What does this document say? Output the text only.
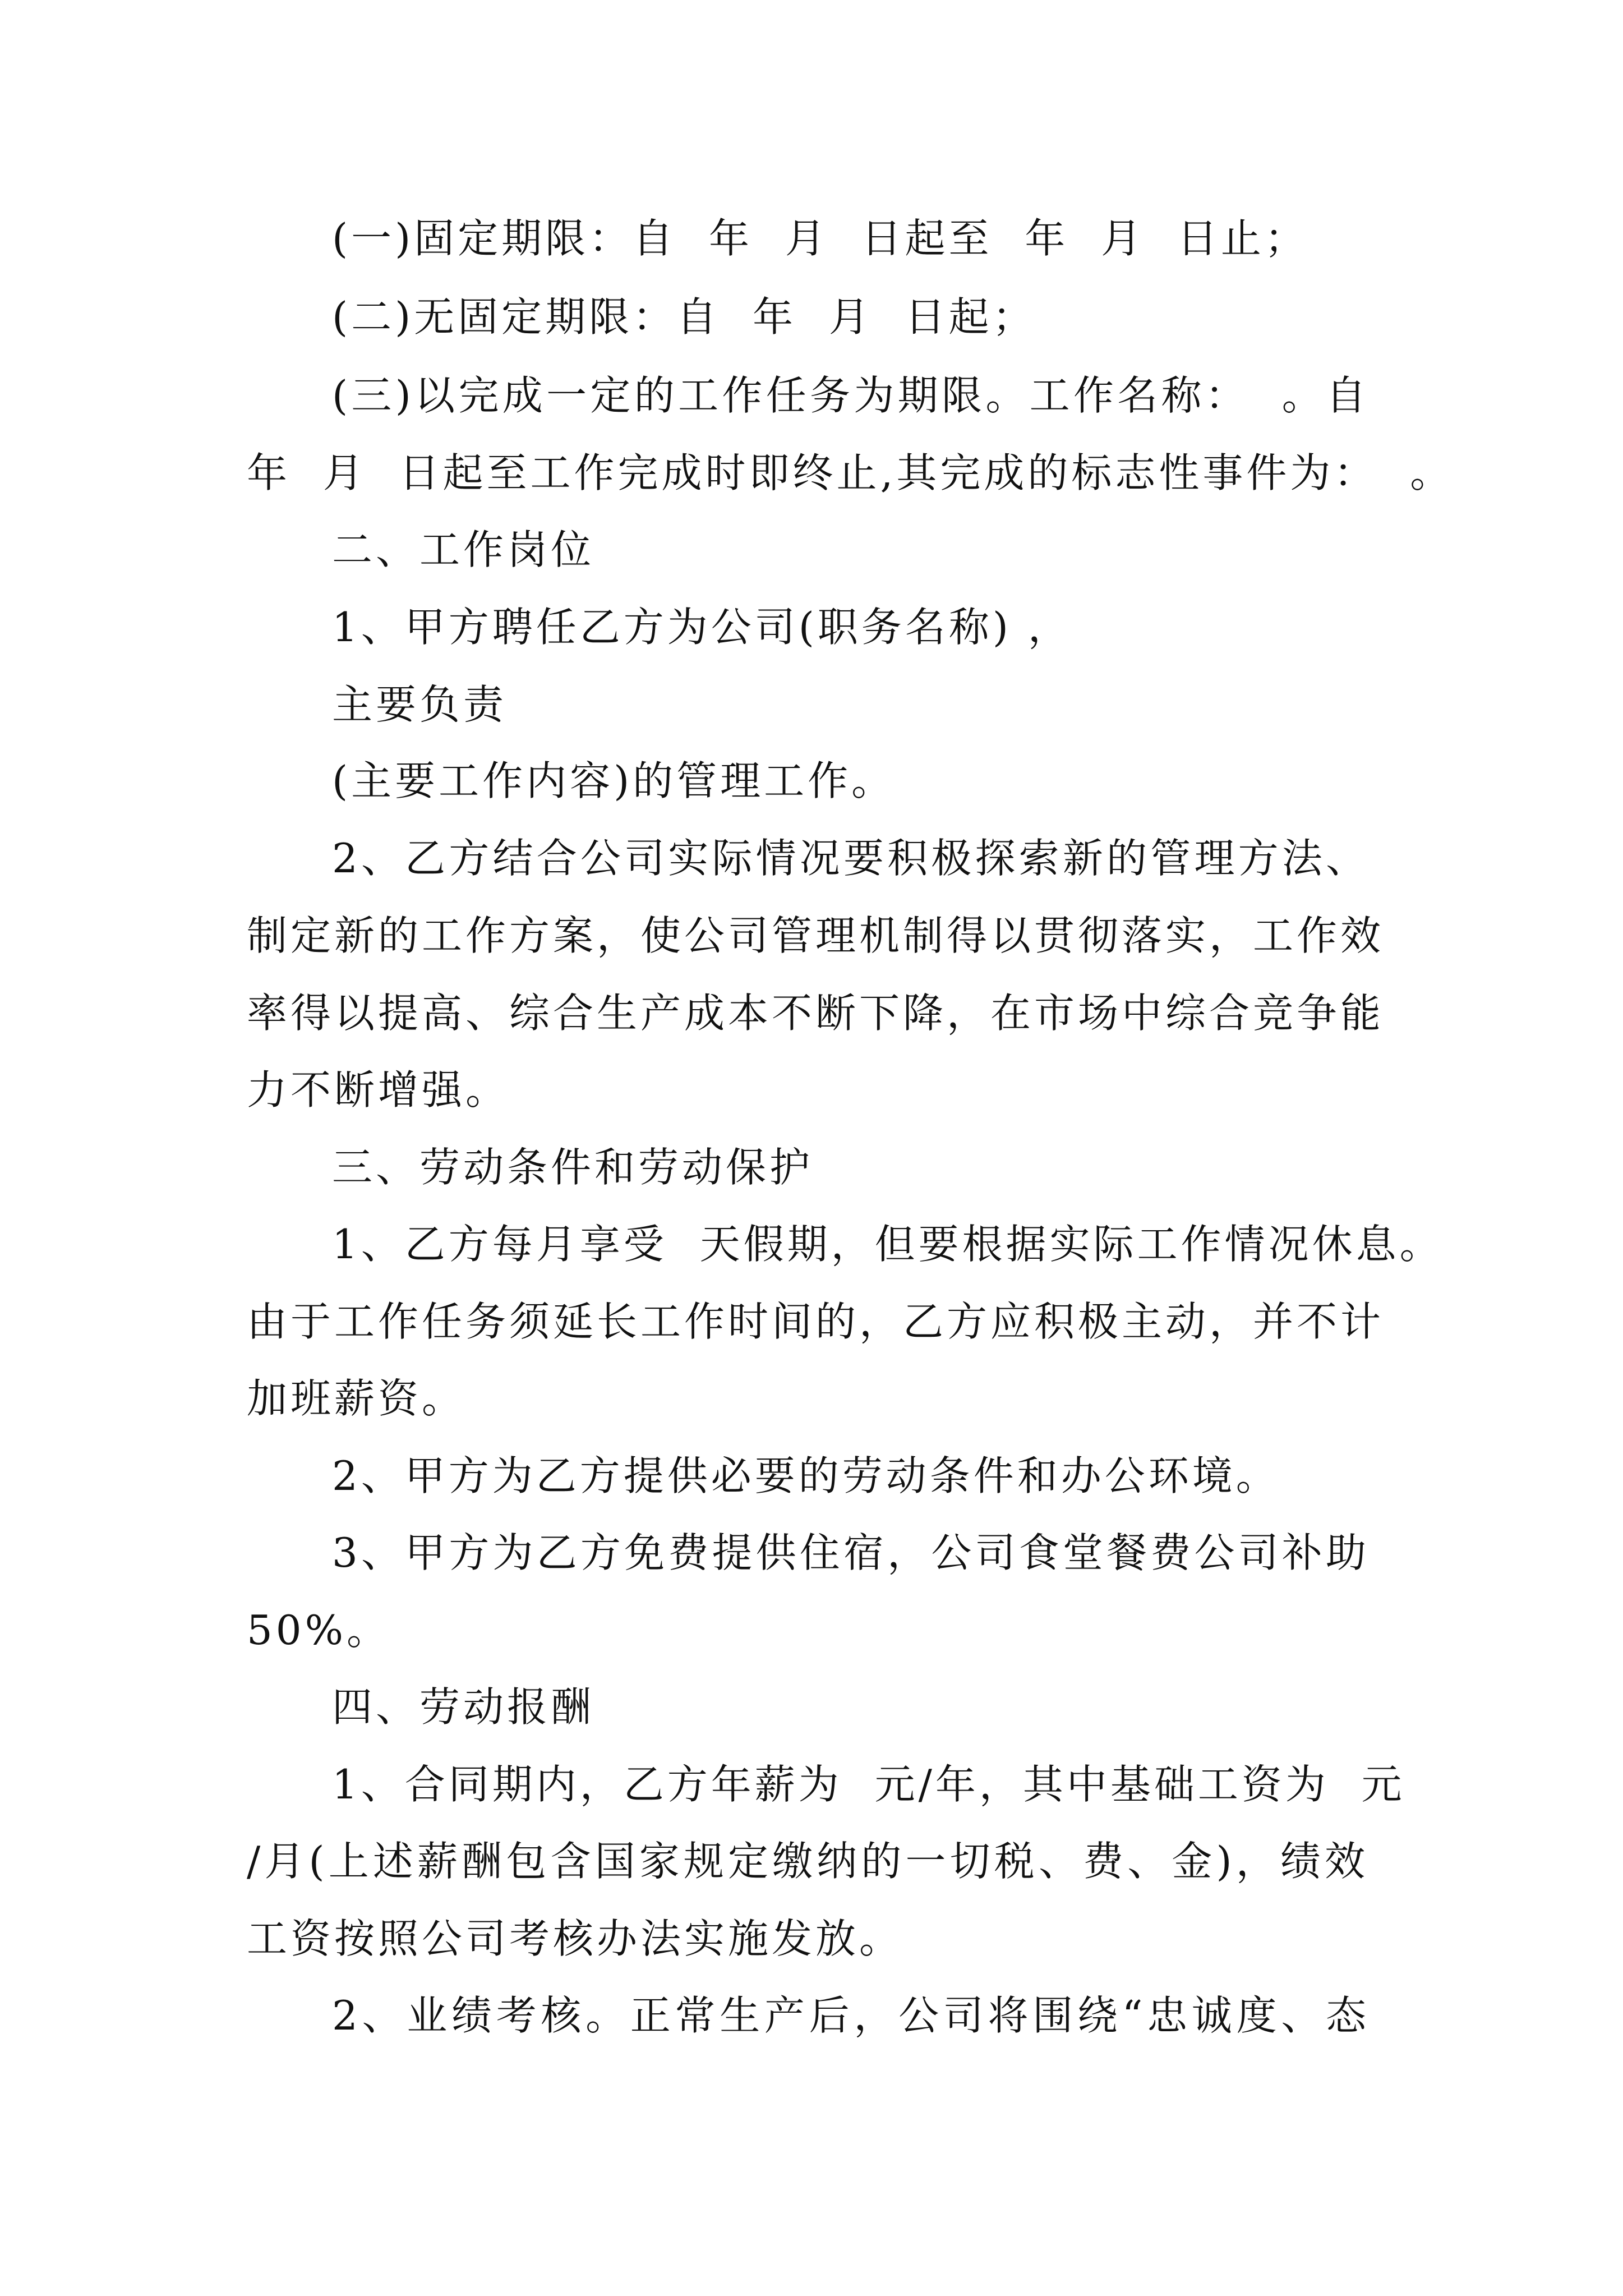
(一)固定期限：自  年  月  日起至  年  月  日止；
(二)无固定期限：自  年  月  日起；
(三)以完成一定的工作任务为期限。工作名称：  。自
年  月  日起至工作完成时即终止,其完成的标志性事件为：  。
二、工作岗位
1、甲方聘任乙方为公司(职务名称) ，
主要负责
(主要工作内容)的管理工作。
2、乙方结合公司实际情况要积极探索新的管理方法、
制定新的工作方案，使公司管理机制得以贯彻落实，工作效
率得以提高、综合生产成本不断下降，在市场中综合竞争能
力不断增强。
三、劳动条件和劳动保护
1、乙方每月享受  天假期，但要根据实际工作情况休息。
由于工作任务须延长工作时间的，乙方应积极主动，并不计
加班薪资。
2、甲方为乙方提供必要的劳动条件和办公环境。
3、甲方为乙方免费提供住宿，公司食堂餐费公司补助
50%。
四、劳动报酬
1、合同期内，乙方年薪为  元/年，其中基础工资为  元
/月(上述薪酬包含国家规定缴纳的一切税、费、金)，绩效
工资按照公司考核办法实施发放。
2、业绩考核。正常生产后，公司将围绕“忠诚度、态
